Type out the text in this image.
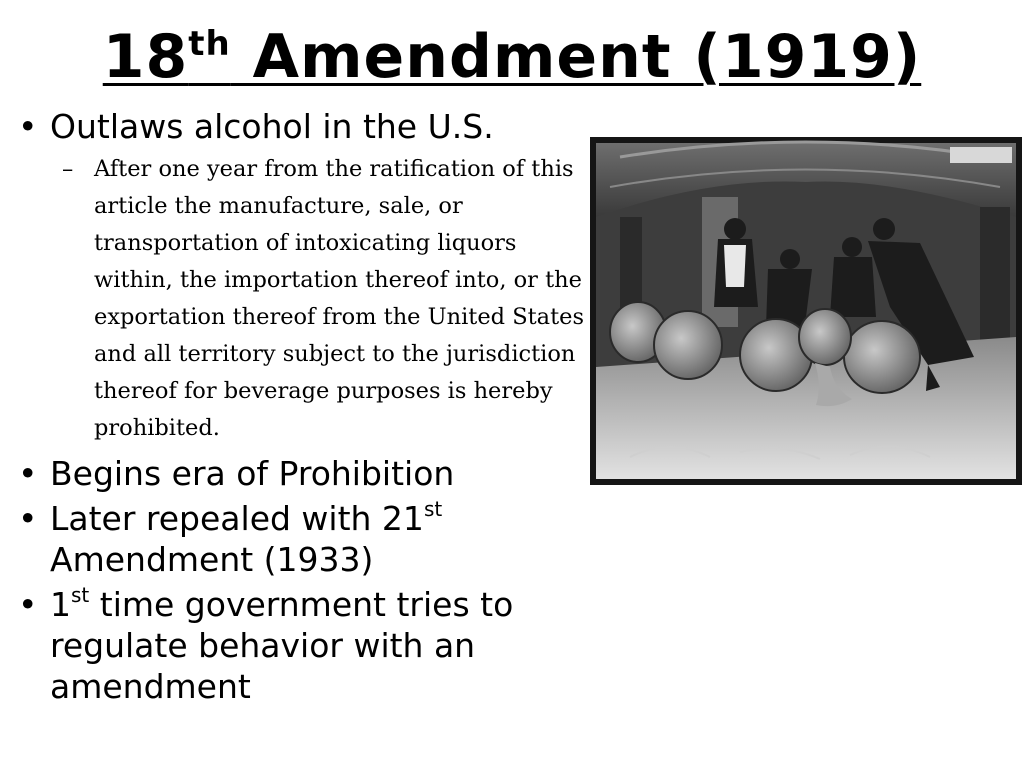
18th Amendment (1919)
• Outlaws alcohol in the U.S.
– After one year from the ratification of this article the manufacture, sale, or transportation of intoxicating liquors within, the importation thereof into, or the exportation thereof from the United States and all territory subject to the jurisdiction thereof for beverage purposes is hereby prohibited.
• Begins era of Prohibition
• Later repealed with 21st Amendment (1933)
• 1st time government tries to regulate behavior with an amendment
